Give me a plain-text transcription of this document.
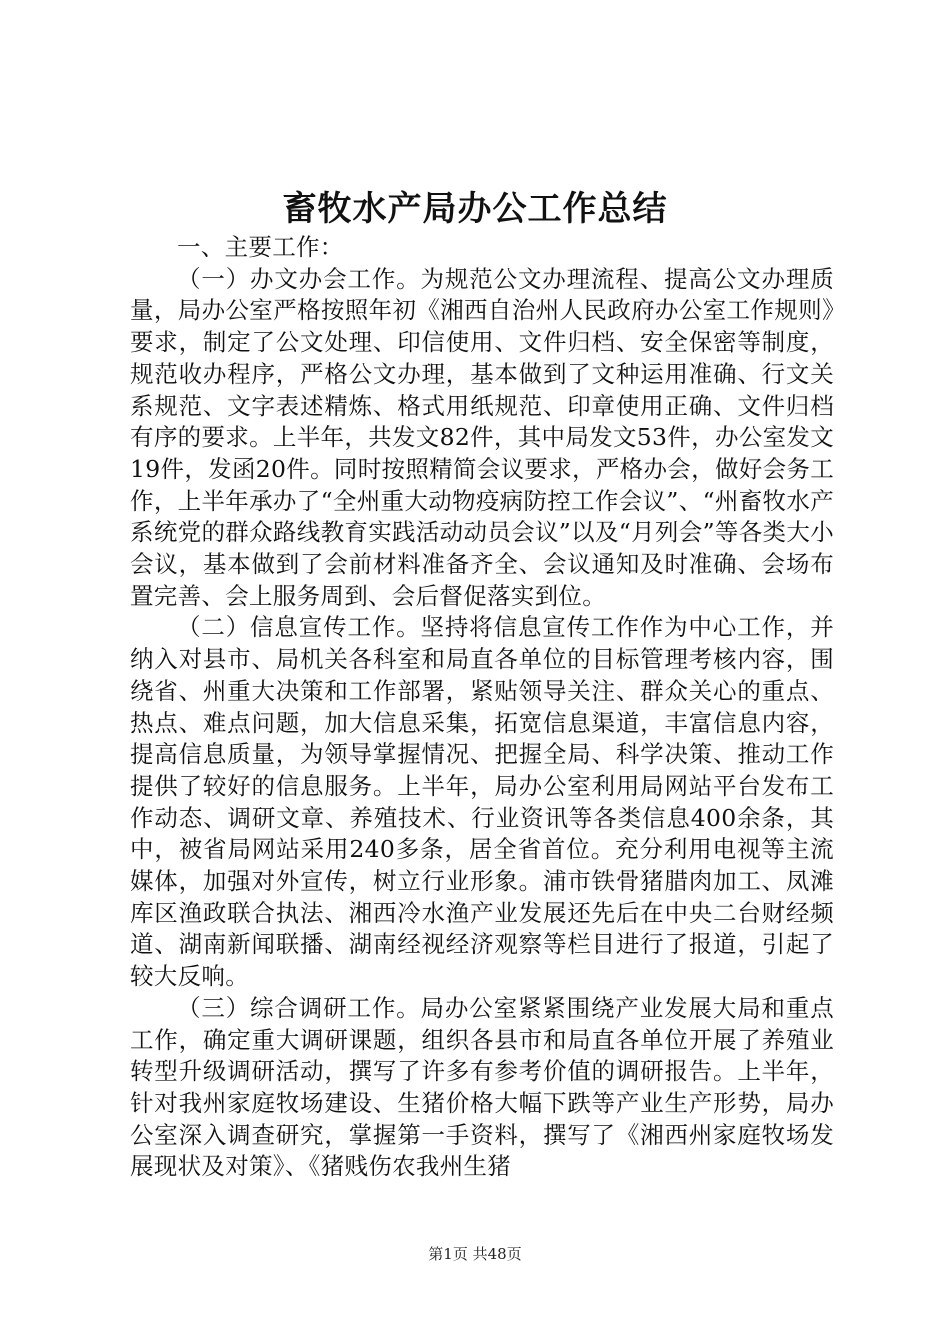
畜牧水产局办公工作总结

一、主要工作：

（一）办文办会工作。为规范公文办理流程、提高公文办理质量，局办公室严格按照年初《湘西自治州人民政府办公室工作规则》要求，制定了公文处理、印信使用、文件归档、安全保密等制度，规范收办程序，严格公文办理，基本做到了文种运用准确、行文关系规范、文字表述精炼、格式用纸规范、印章使用正确、文件归档有序的要求。上半年，共发文82件，其中局发文53件，办公室发文19件，发函20件。同时按照精简会议要求，严格办会，做好会务工作，上半年承办了“全州重大动物疫病防控工作会议”、“州畜牧水产系统党的群众路线教育实践活动动员会议”以及“月列会”等各类大小会议，基本做到了会前材料准备齐全、会议通知及时准确、会场布置完善、会上服务周到、会后督促落实到位。

（二）信息宣传工作。坚持将信息宣传工作作为中心工作，并纳入对县市、局机关各科室和局直各单位的目标管理考核内容，围绕省、州重大决策和工作部署，紧贴领导关注、群众关心的重点、热点、难点问题，加大信息采集，拓宽信息渠道，丰富信息内容，提高信息质量，为领导掌握情况、把握全局、科学决策、推动工作提供了较好的信息服务。上半年，局办公室利用局网站平台发布工作动态、调研文章、养殖技术、行业资讯等各类信息400余条，其中，被省局网站采用240多条，居全省首位。充分利用电视等主流媒体，加强对外宣传，树立行业形象。浦市铁骨猪腊肉加工、凤滩库区渔政联合执法、湘西冷水渔产业发展还先后在中央二台财经频道、湖南新闻联播、湖南经视经济观察等栏目进行了报道，引起了较大反响。

（三）综合调研工作。局办公室紧紧围绕产业发展大局和重点工作，确定重大调研课题，组织各县市和局直各单位开展了养殖业转型升级调研活动，撰写了许多有参考价值的调研报告。上半年，针对我州家庭牧场建设、生猪价格大幅下跌等产业生产形势，局办公室深入调查研究，掌握第一手资料，撰写了《湘西州家庭牧场发展现状及对策》、《猪贱伤农我州生猪

第1页 共48页
